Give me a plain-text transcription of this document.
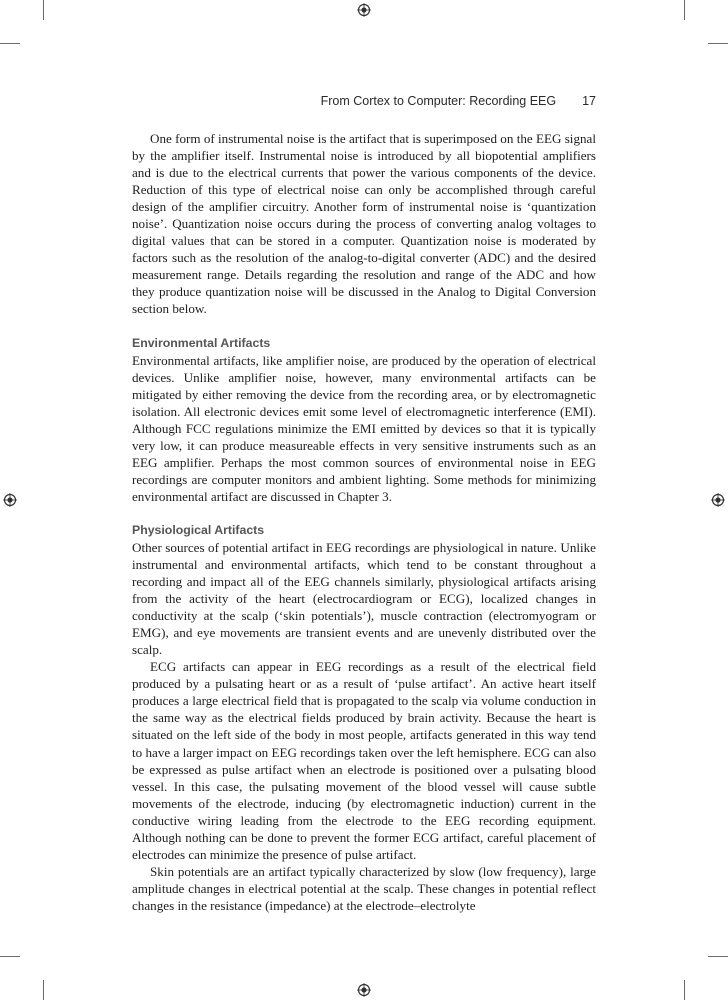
From Cortex to Computer: Recording EEG 17

One form of instrumental noise is the artifact that is superimposed on the EEG signal by the amplifier itself. Instrumental noise is introduced by all biopotential amplifiers and is due to the electrical currents that power the various components of the device. Reduction of this type of electrical noise can only be accomplished through careful design of the amplifier circuitry. Another form of instrumental noise is ‘quantization noise’. Quantization noise occurs during the process of converting analog voltages to digital values that can be stored in a computer. Quantization noise is moderated by factors such as the resolution of the analog-to-digital converter (ADC) and the desired measurement range. Details regarding the resolution and range of the ADC and how they produce quantization noise will be discussed in the Analog to Digital Conversion section below.

Environmental Artifacts

Environmental artifacts, like amplifier noise, are produced by the operation of electrical devices. Unlike amplifier noise, however, many environmental artifacts can be mitigated by either removing the device from the recording area, or by electromagnetic isolation. All electronic devices emit some level of electromagnetic interference (EMI). Although FCC regulations minimize the EMI emitted by devices so that it is typically very low, it can produce measureable effects in very sensitive instruments such as an EEG amplifier. Perhaps the most common sources of environmental noise in EEG recordings are computer monitors and ambient lighting. Some methods for minimizing environmental artifact are discussed in Chapter 3.

Physiological Artifacts

Other sources of potential artifact in EEG recordings are physiological in nature. Unlike instrumental and environmental artifacts, which tend to be constant throughout a recording and impact all of the EEG channels similarly, physiological artifacts arising from the activity of the heart (electrocardiogram or ECG), localized changes in conductivity at the scalp (‘skin potentials’), muscle contraction (electromyogram or EMG), and eye movements are transient events and are unevenly distributed over the scalp.

ECG artifacts can appear in EEG recordings as a result of the electrical field produced by a pulsating heart or as a result of ‘pulse artifact’. An active heart itself produces a large electrical field that is propagated to the scalp via volume conduction in the same way as the electrical fields produced by brain activity. Because the heart is situated on the left side of the body in most people, artifacts generated in this way tend to have a larger impact on EEG recordings taken over the left hemisphere. ECG can also be expressed as pulse artifact when an electrode is positioned over a pulsating blood vessel. In this case, the pulsating movement of the blood vessel will cause subtle movements of the electrode, inducing (by electromagnetic induction) current in the conductive wiring leading from the electrode to the EEG recording equipment. Although nothing can be done to prevent the former ECG artifact, careful placement of electrodes can minimize the presence of pulse artifact.

Skin potentials are an artifact typically characterized by slow (low frequency), large amplitude changes in electrical potential at the scalp. These changes in potential reflect changes in the resistance (impedance) at the electrode–electrolyte
